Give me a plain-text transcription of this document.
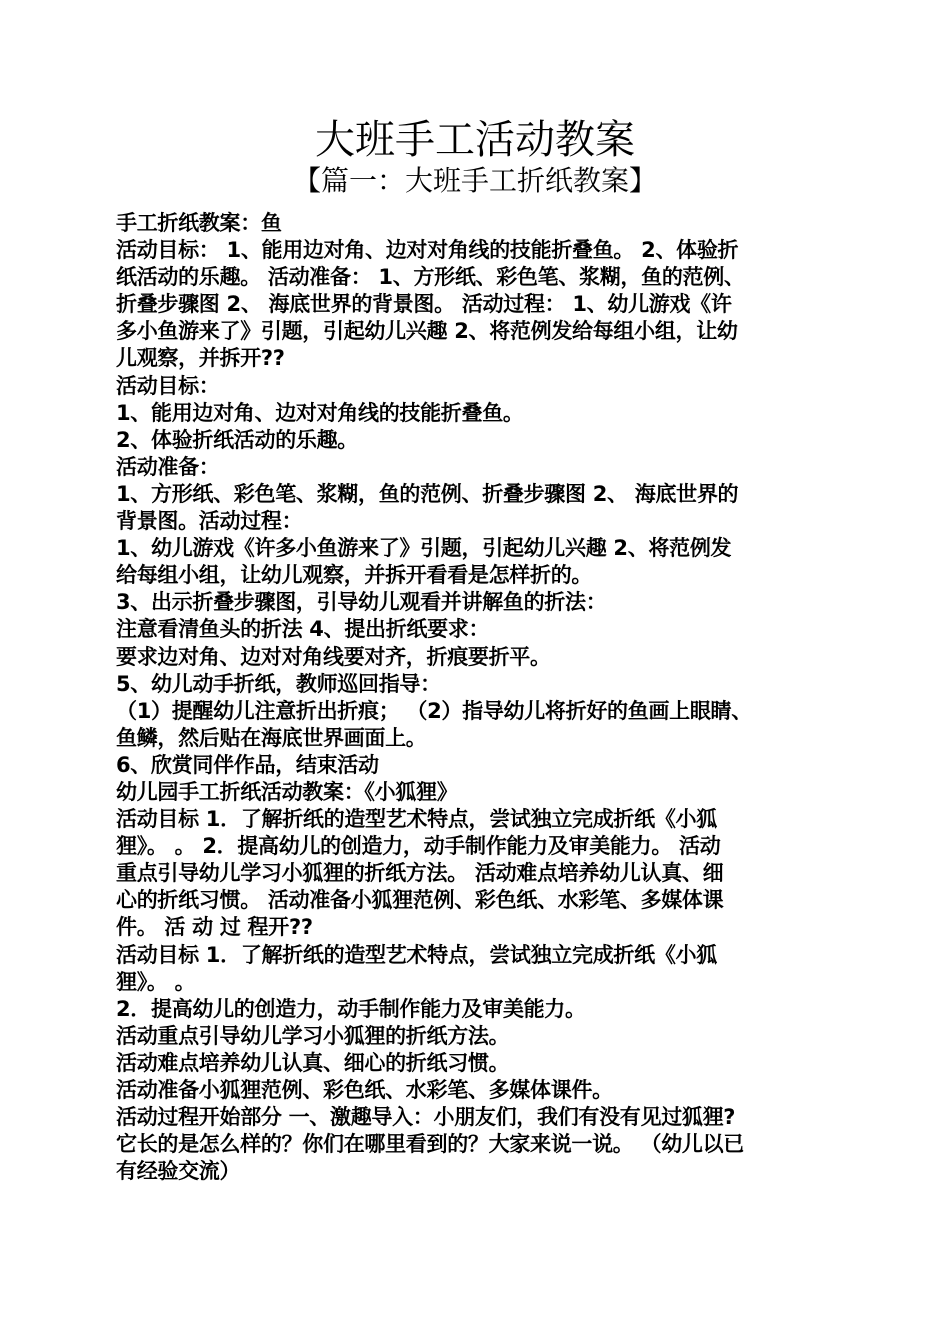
大班手工活动教案
【篇一：大班手工折纸教案】
手工折纸教案：鱼
活动目标： 1、能用边对角、边对对角线的技能折叠鱼。 2、体验折
纸活动的乐趣。 活动准备： 1、方形纸、彩色笔、浆糊，鱼的范例、
折叠步骤图 2、 海底世界的背景图。 活动过程： 1、幼儿游戏《许
多小鱼游来了》引题，引起幼儿兴趣 2、将范例发给每组小组，让幼
儿观察，并拆开??
活动目标：
1、能用边对角、边对对角线的技能折叠鱼。
2、体验折纸活动的乐趣。
活动准备：
1、方形纸、彩色笔、浆糊，鱼的范例、折叠步骤图 2、 海底世界的
背景图。活动过程：
1、幼儿游戏《许多小鱼游来了》引题，引起幼儿兴趣 2、将范例发
给每组小组，让幼儿观察，并拆开看看是怎样折的。
3、出示折叠步骤图，引导幼儿观看并讲解鱼的折法：
注意看清鱼头的折法 4、提出折纸要求：
要求边对角、边对对角线要对齐，折痕要折平。
5、幼儿动手折纸，教师巡回指导：
（1）提醒幼儿注意折出折痕； （2）指导幼儿将折好的鱼画上眼睛、
鱼鳞，然后贴在海底世界画面上。
6、欣赏同伴作品，结束活动
幼儿园手工折纸活动教案：《小狐狸》
活动目标 1．了解折纸的造型艺术特点，尝试独立完成折纸《小狐
狸》。 。 2．提高幼儿的创造力，动手制作能力及审美能力。 活动
重点引导幼儿学习小狐狸的折纸方法。 活动难点培养幼儿认真、细
心的折纸习惯。 活动准备小狐狸范例、彩色纸、水彩笔、多媒体课
件。 活 动 过 程开??
活动目标 1．了解折纸的造型艺术特点，尝试独立完成折纸《小狐
狸》。 。
2．提高幼儿的创造力，动手制作能力及审美能力。
活动重点引导幼儿学习小狐狸的折纸方法。
活动难点培养幼儿认真、细心的折纸习惯。
活动准备小狐狸范例、彩色纸、水彩笔、多媒体课件。
活动过程开始部分 一、激趣导入：小朋友们，我们有没有见过狐狸?
它长的是怎么样的？你们在哪里看到的？大家来说一说。 （幼儿以已
有经验交流）
